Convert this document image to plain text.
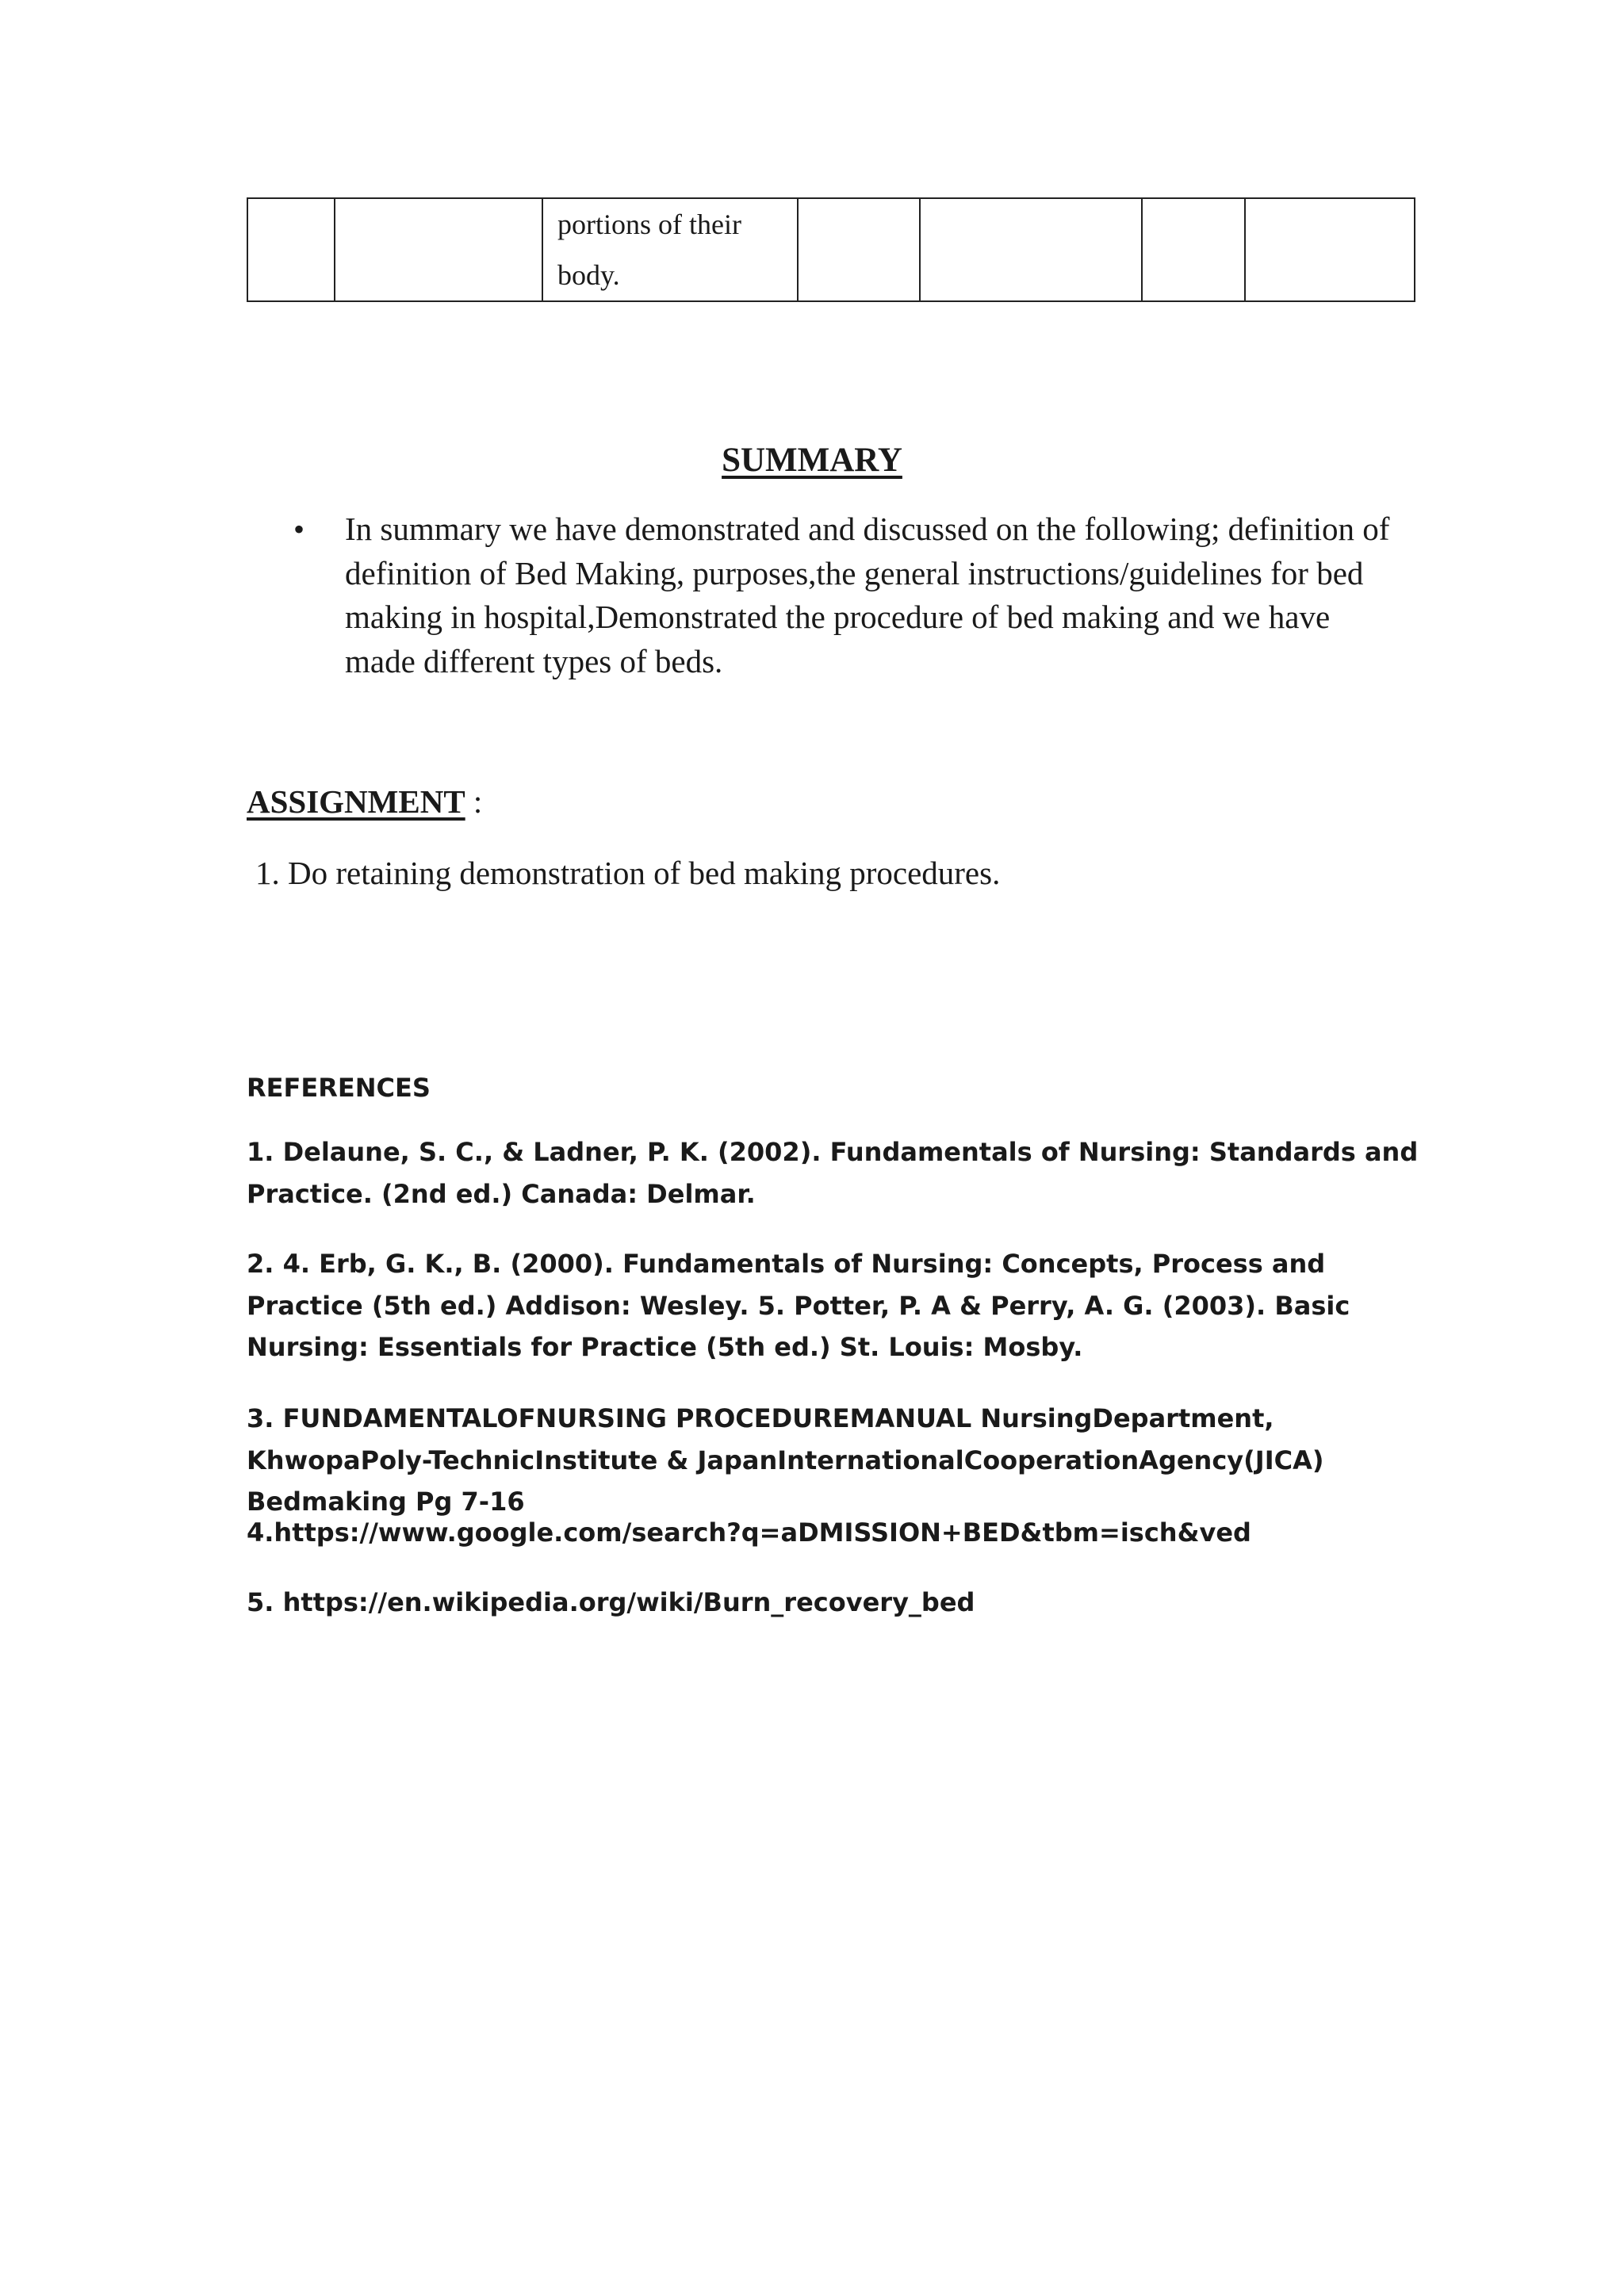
		portions of their body.				
SUMMARY
• In summary we have demonstrated and discussed on the following; definition of definition of Bed Making, purposes,the general instructions/guidelines for bed making in hospital,Demonstrated the procedure of bed making and we have made different types of beds.

ASSIGNMENT :

1. Do retaining demonstration of bed making procedures.

REFERENCES

1. Delaune, S. C., & Ladner, P. K. (2002). Fundamentals of Nursing: Standards and Practice. (2nd ed.) Canada: Delmar.

2. 4. Erb, G. K., B. (2000). Fundamentals of Nursing: Concepts, Process and Practice (5th ed.) Addison: Wesley. 5. Potter, P. A & Perry, A. G. (2003). Basic Nursing: Essentials for Practice (5th ed.) St. Louis: Mosby.

3. FUNDAMENTALOFNURSING PROCEDUREMANUAL NursingDepartment, KhwopaPoly-TechnicInstitute & JapanInternationalCooperationAgency(JICA) Bedmaking Pg 7-16

4.https://www.google.com/search?q=aDMISSION+BED&tbm=isch&ved

5. https://en.wikipedia.org/wiki/Burn_recovery_bed
